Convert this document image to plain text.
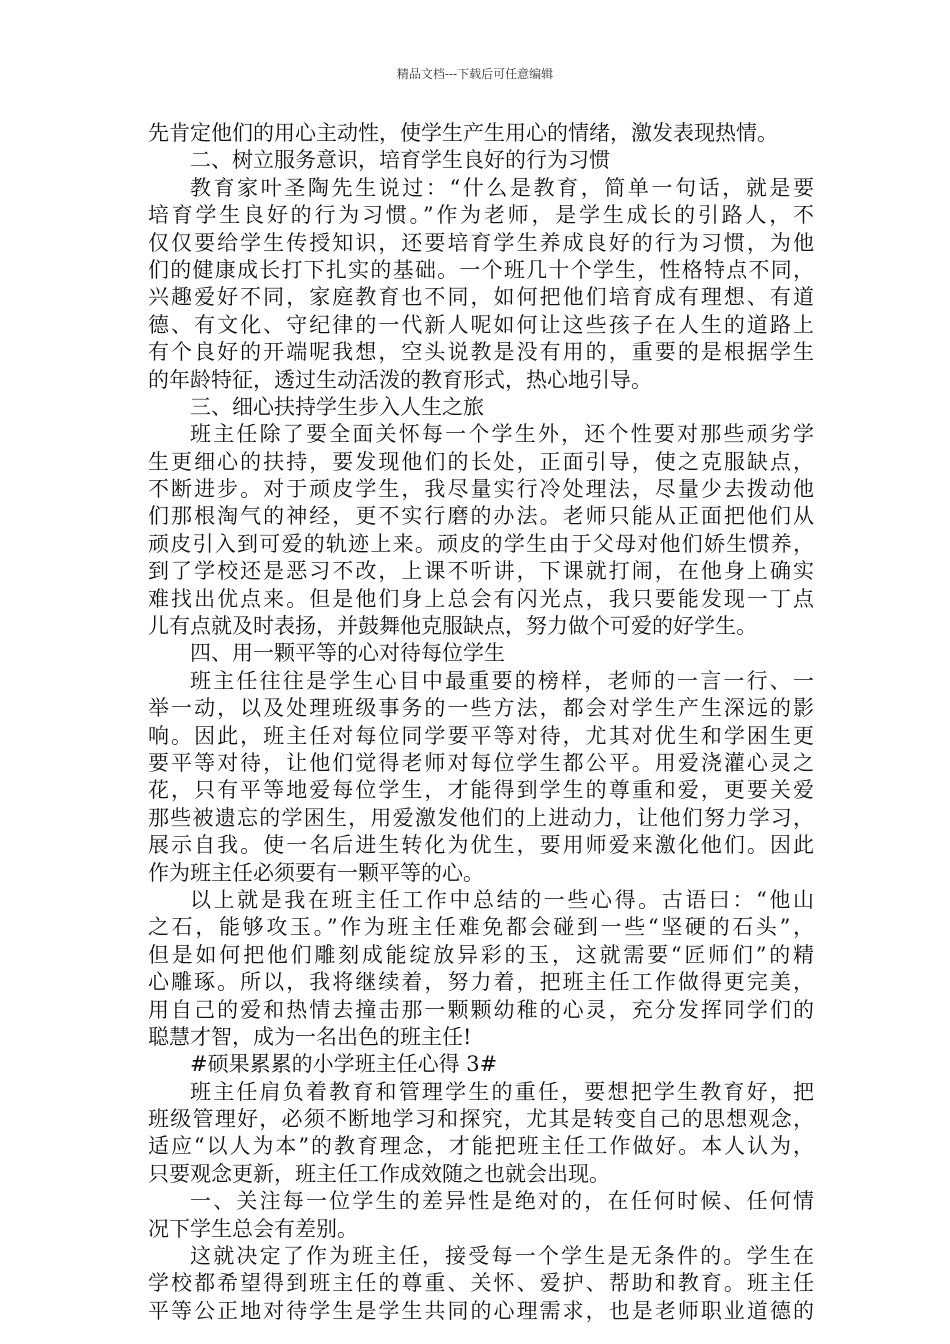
精品文档---下载后可任意编辑
先肯定他们的用心主动性，使学生产生用心的情绪，激发表现热情。
二、树立服务意识，培育学生良好的行为习惯
教育家叶圣陶先生说过：“什么是教育，简单一句话，就是要
培育学生良好的行为习惯。”作为老师，是学生成长的引路人，不
仅仅要给学生传授知识，还要培育学生养成良好的行为习惯，为他
们的健康成长打下扎实的基础。一个班几十个学生，性格特点不同，
兴趣爱好不同，家庭教育也不同，如何把他们培育成有理想、有道
德、有文化、守纪律的一代新人呢如何让这些孩子在人生的道路上
有个良好的开端呢我想，空头说教是没有用的，重要的是根据学生
的年龄特征，透过生动活泼的教育形式，热心地引导。
三、细心扶持学生步入人生之旅
班主任除了要全面关怀每一个学生外，还个性要对那些顽劣学
生更细心的扶持，要发现他们的长处，正面引导，使之克服缺点，
不断进步。对于顽皮学生，我尽量实行冷处理法，尽量少去拨动他
们那根淘气的神经，更不实行磨的办法。老师只能从正面把他们从
顽皮引入到可爱的轨迹上来。顽皮的学生由于父母对他们娇生惯养，
到了学校还是恶习不改，上课不听讲，下课就打闹，在他身上确实
难找出优点来。但是他们身上总会有闪光点，我只要能发现一丁点
儿有点就及时表扬，并鼓舞他克服缺点，努力做个可爱的好学生。
四、用一颗平等的心对待每位学生
班主任往往是学生心目中最重要的榜样，老师的一言一行、一
举一动，以及处理班级事务的一些方法，都会对学生产生深远的影
响。因此，班主任对每位同学要平等对待，尤其对优生和学困生更
要平等对待，让他们觉得老师对每位学生都公平。用爱浇灌心灵之
花，只有平等地爱每位学生，才能得到学生的尊重和爱，更要关爱
那些被遗忘的学困生，用爱激发他们的上进动力，让他们努力学习，
展示自我。使一名后进生转化为优生，要用师爱来激化他们。因此
作为班主任必须要有一颗平等的心。
以上就是我在班主任工作中总结的一些心得。古语曰：“他山
之石，能够攻玉。”作为班主任难免都会碰到一些“坚硬的石头”，
但是如何把他们雕刻成能绽放异彩的玉，这就需要“匠师们”的精
心雕琢。所以，我将继续着，努力着，把班主任工作做得更完美，
用自己的爱和热情去撞击那一颗颗幼稚的心灵，充分发挥同学们的
聪慧才智，成为一名出色的班主任!
#硕果累累的小学班主任心得 3#
班主任肩负着教育和管理学生的重任，要想把学生教育好，把
班级管理好，必须不断地学习和探究，尤其是转变自己的思想观念，
适应“以人为本”的教育理念，才能把班主任工作做好。本人认为，
只要观念更新，班主任工作成效随之也就会出现。
一、关注每一位学生的差异性是绝对的，在任何时候、任何情
况下学生总会有差别。
这就决定了作为班主任，接受每一个学生是无条件的。学生在
学校都希望得到班主任的尊重、关怀、爱护、帮助和教育。班主任
平等公正地对待学生是学生共同的心理需求，也是老师职业道德的
